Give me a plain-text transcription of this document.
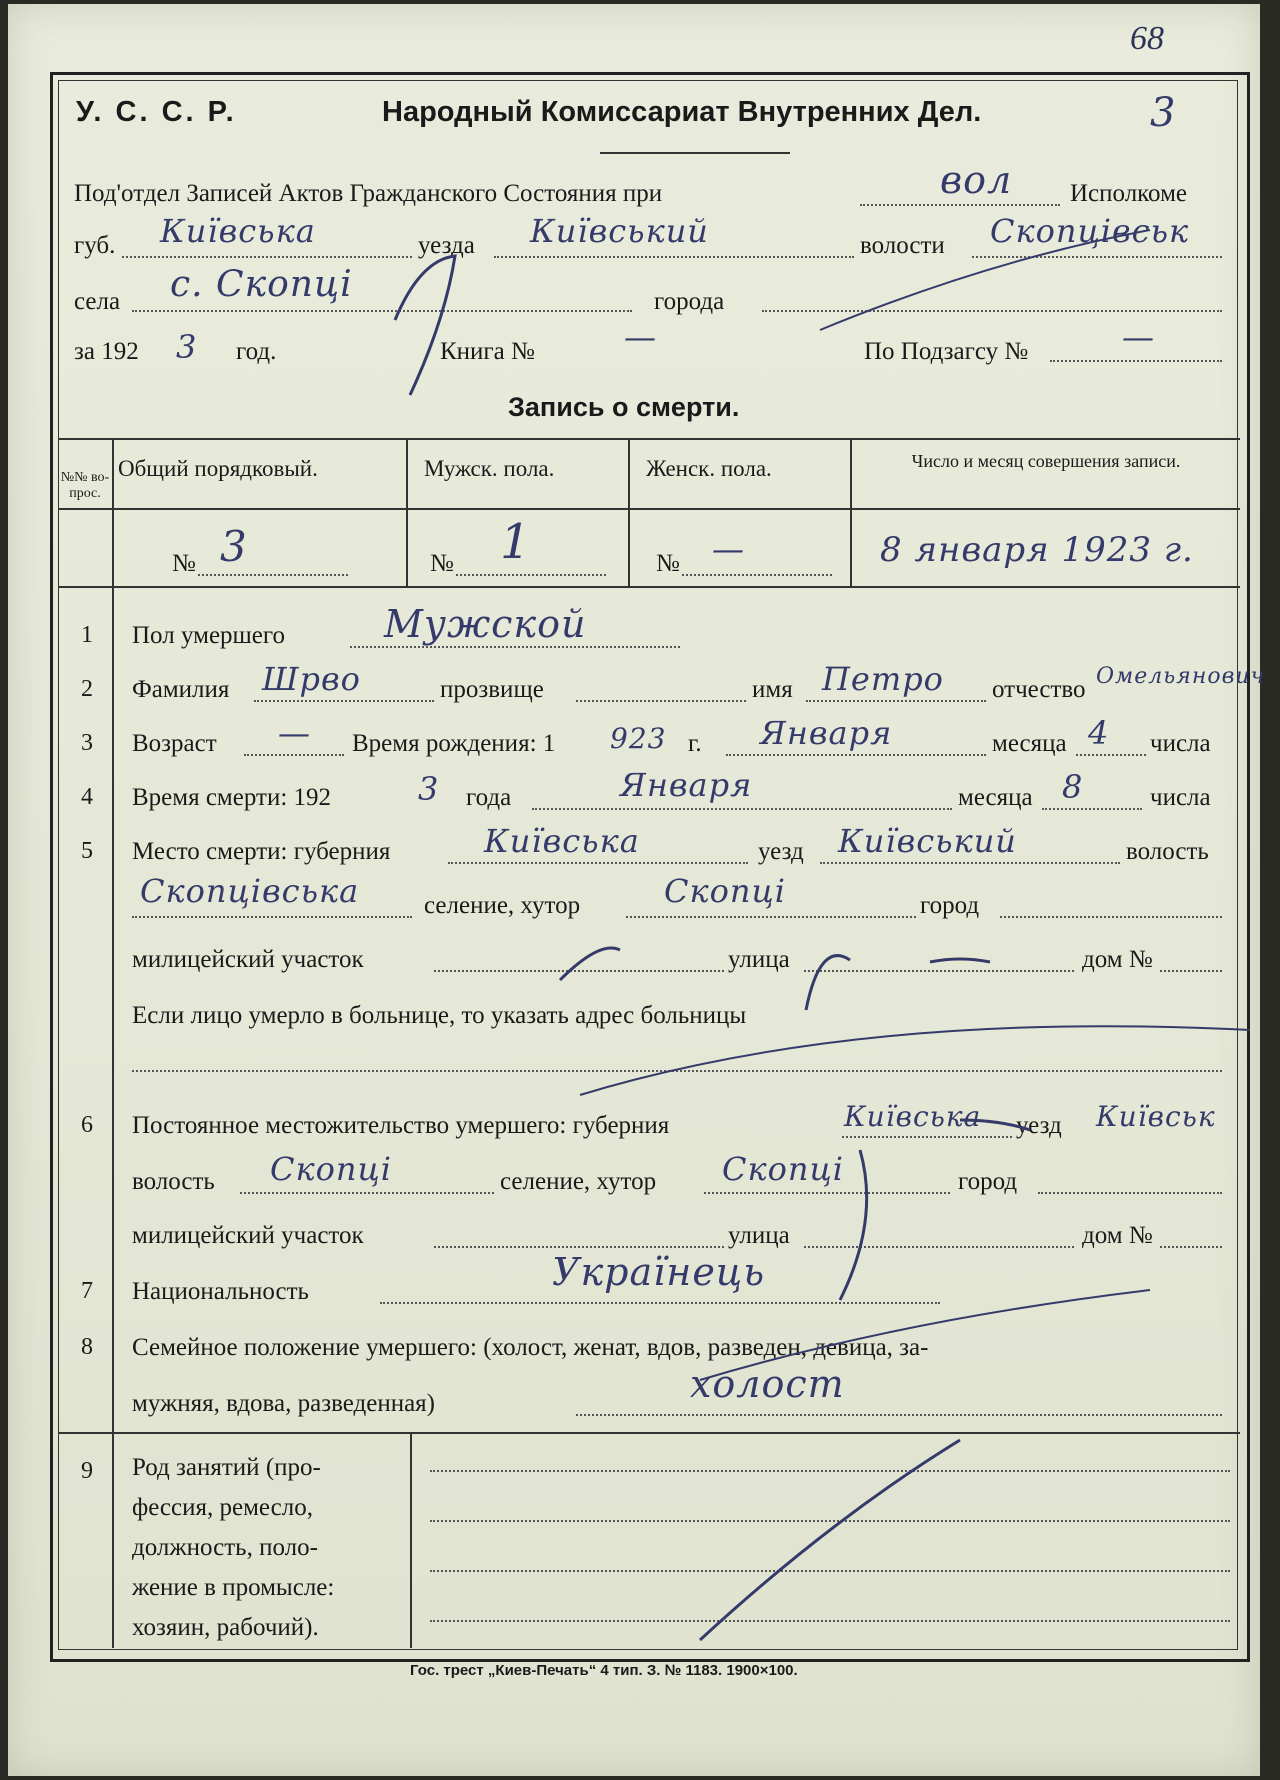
68
У. С. С. Р.	Народный Комиссариат Внутренних Дел.	3
Под'отдел Записей Актов Гражданского Состояния при	вол Исполкоме
губ. Київська	уезда Київський	волости Скопцівськ
села с. Скопці	города
за 192 3 год.	Книга №	—	По Подзагсу №	—
Запись о смерти.
№№ во- прос.
Общий порядковый.	Мужск. пола.	Женск. пола.	Число и месяц совершения записи.
№ 3	№ 1	№ —	8 января 1923 г.
1	Пол умершего	Мужской
2	Фамилия Шрво	прозвище	имя Петро отчество Омельянович
3	Возраст — Время рождения: 1 923 г. Января	месяца 4 числа
4	Время смерти: 192	3 года	Января	месяца 8	числа
5	Место смерти: губерния	Київська	уезд Київський	волость
Скопцівська	селение, хутор	Скопці	город
милицейский участок	улица	дом №
Если лицо умерло в больнице, то указать адрес больницы
6	Постоянное местожительство умершего: губерния	Київська уезд Київськ
волость Скопці	селение, хутор Скопці	город
милицейский участок	улица	дом №
7	Национальность	Українець
8	Семейное положение умершего: (холост, женат, вдов, разведен, девица, за-
мужняя, вдова, разведенная)	холост
9	Род занятий (про-
фессия, ремесло,
должность, поло-
жение в промысле:
хозяин, рабочий).
Гос. трест „Киев-Печать“ 4 тип. З. № 1183. 1900×100.
